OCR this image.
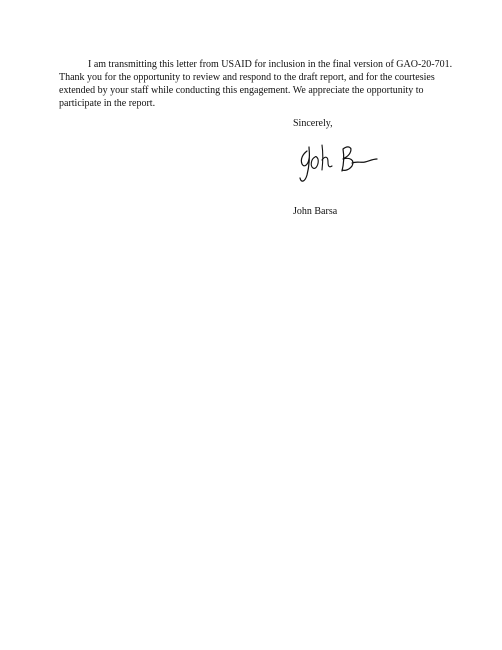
I am transmitting this letter from USAID for inclusion in the final version of GAO-20-701. Thank you for the opportunity to review and respond to the draft report, and for the courtesies extended by your staff while conducting this engagement. We appreciate the opportunity to participate in the report.

Sincerely,

John Barsa
